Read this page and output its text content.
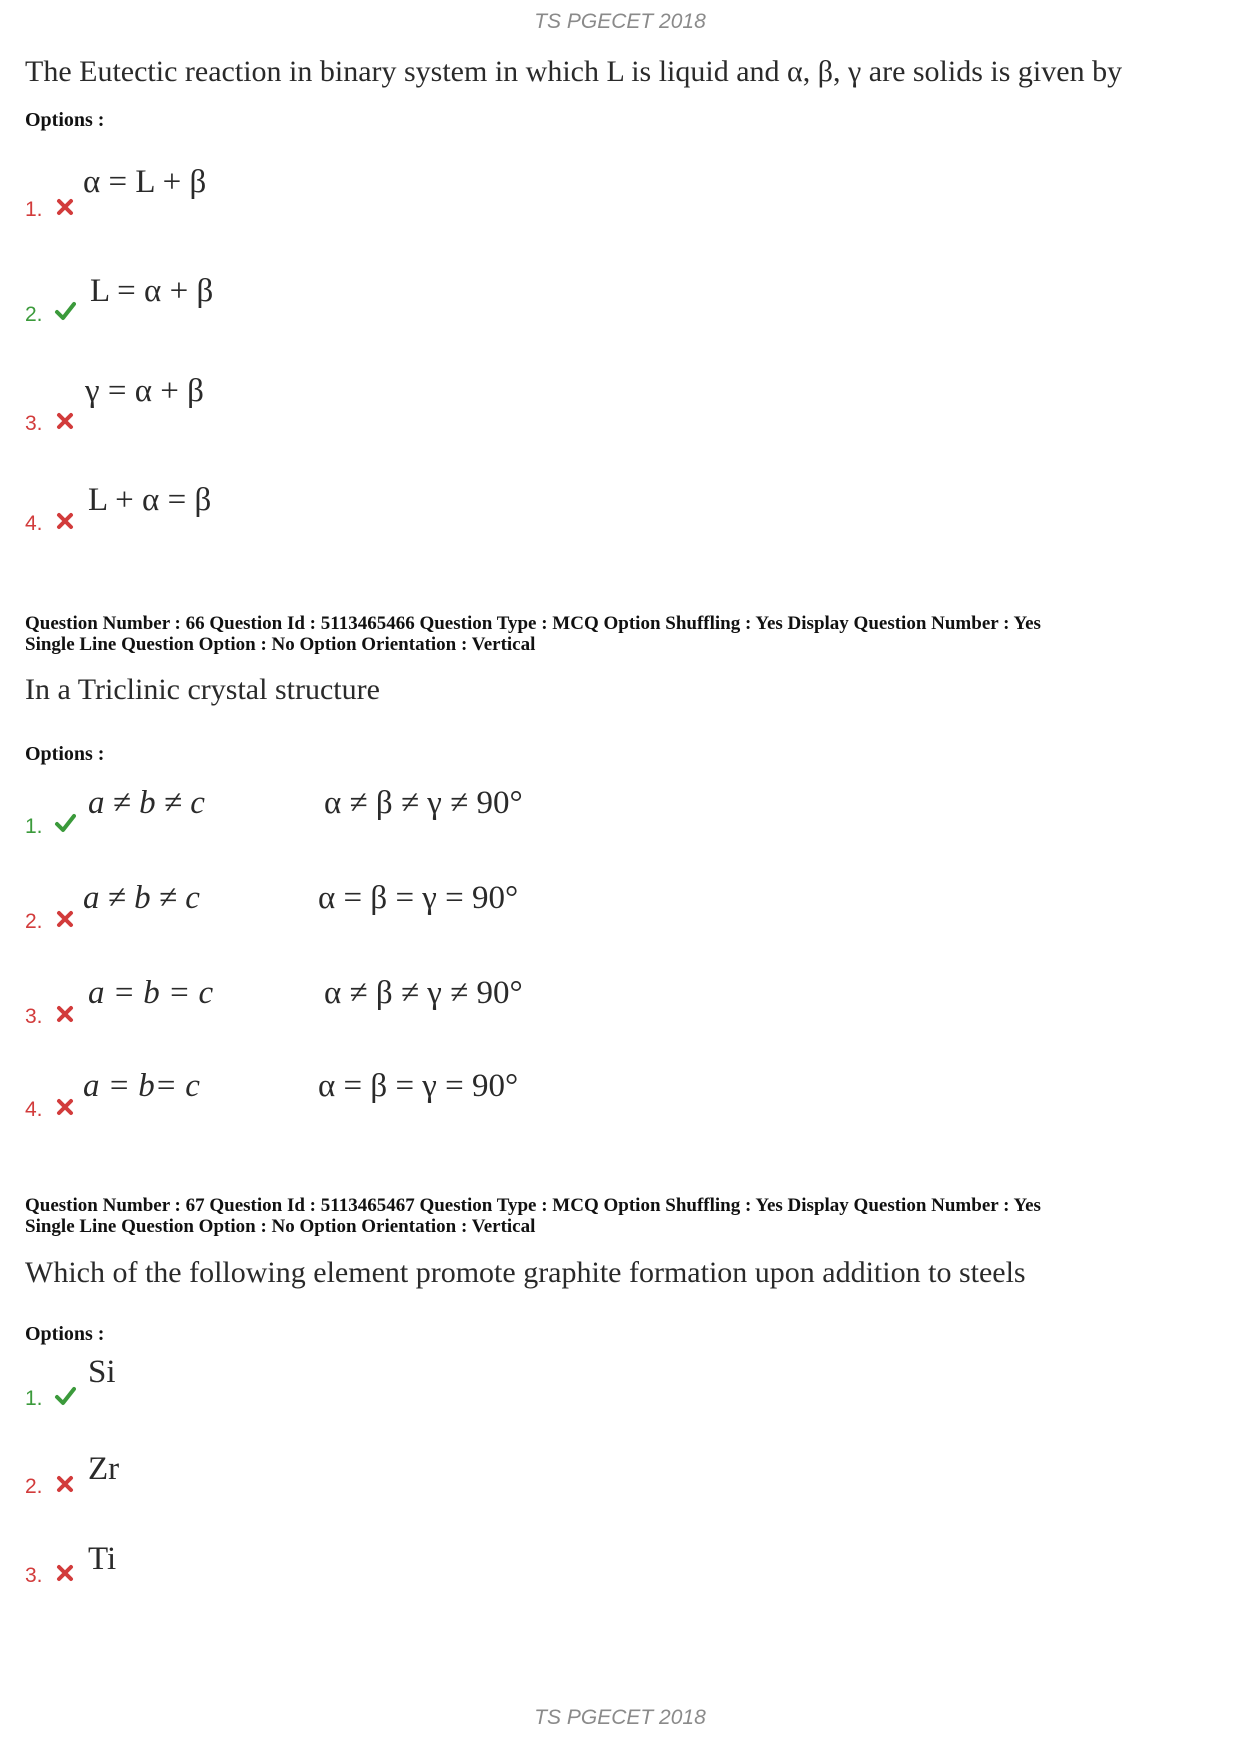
TS PGECET 2018
The Eutectic reaction in binary system in which L is liquid and α, β, γ are solids is given by
Options :
1.
α = L + β
2.
L = α + β
3.
γ = α + β
4.
L + α = β
Question Number : 66 Question Id : 5113465466 Question Type : MCQ Option Shuffling : Yes Display Question Number : Yes
Single Line Question Option : No Option Orientation : Vertical
In a Triclinic crystal structure
Options :
1.
a ≠ b ≠ c	α ≠ β ≠ γ ≠ 90°
2.
a ≠ b ≠ c	α = β = γ = 90°
3.
a = b = c	α ≠ β ≠ γ ≠ 90°
4.
a = b= c	α = β = γ = 90°
Question Number : 67 Question Id : 5113465467 Question Type : MCQ Option Shuffling : Yes Display Question Number : Yes
Single Line Question Option : No Option Orientation : Vertical
Which of the following element promote graphite formation upon addition to steels
Options :
1.
Si
2. Zr
3. Ti
TS PGECET 2018
